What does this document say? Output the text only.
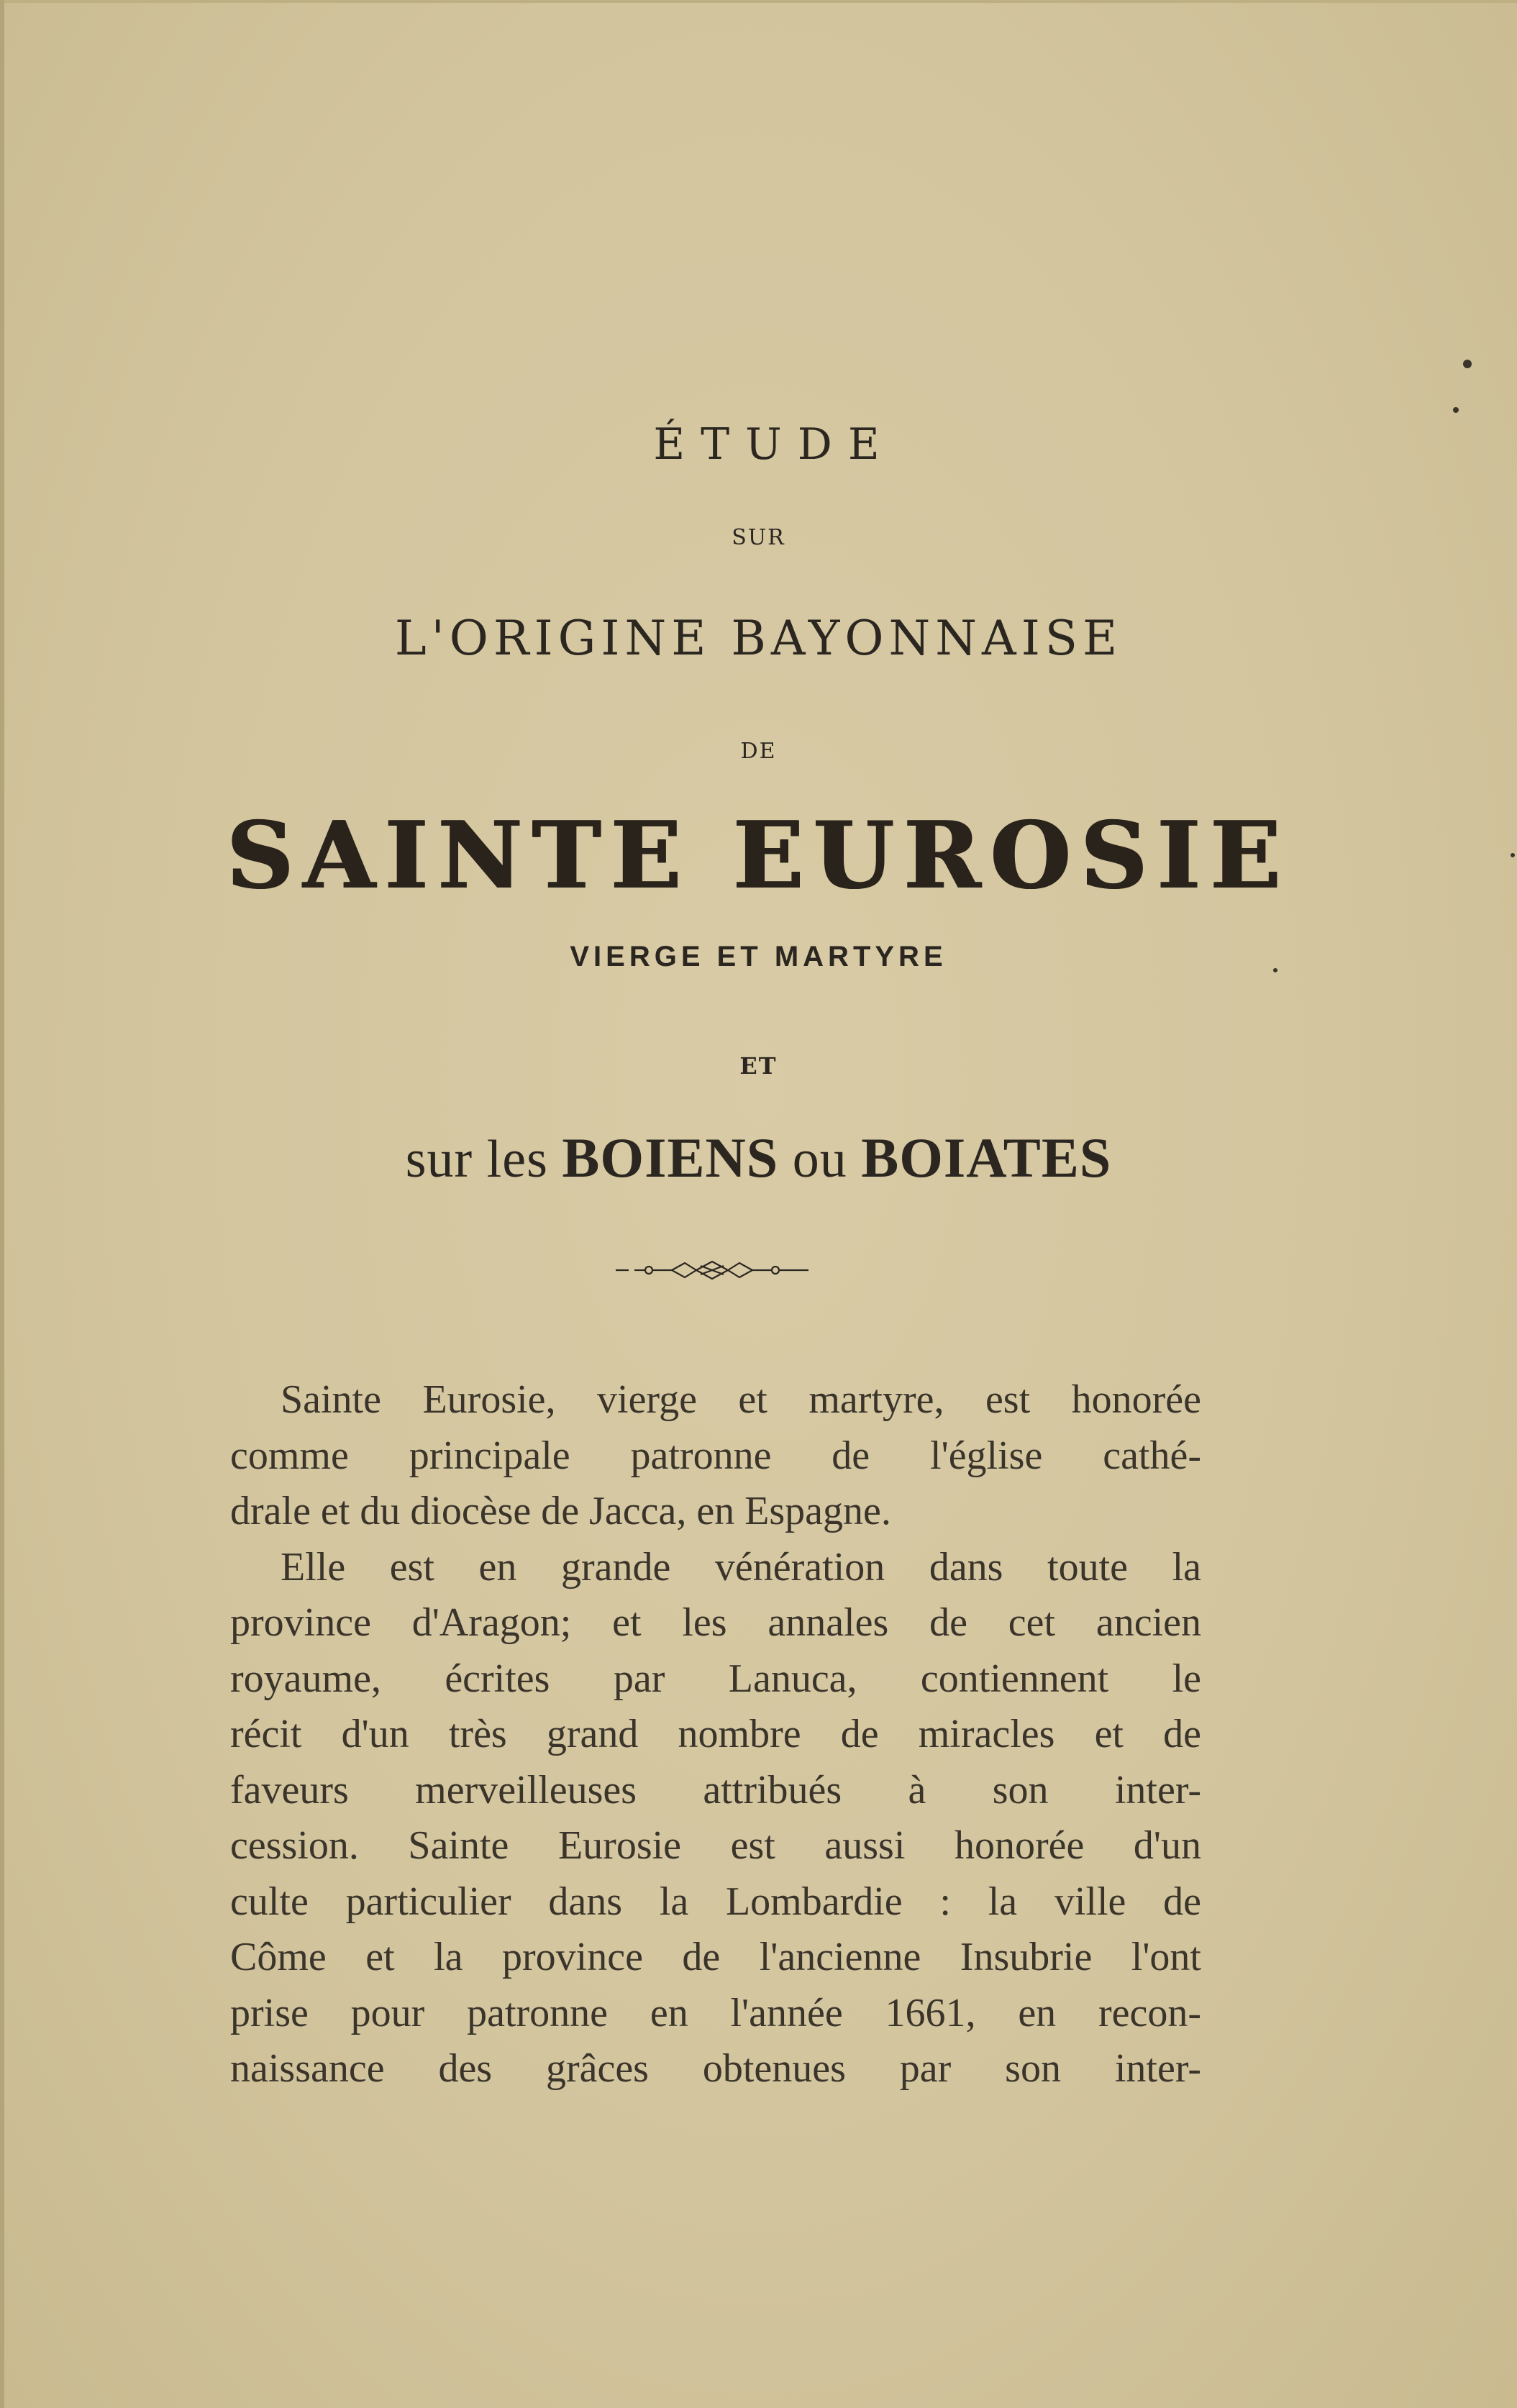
ÉTUDE
SUR
L'ORIGINE BAYONNAISE
DE
SAINTE EUROSIE
VIERGE ET MARTYRE
ET
sur les BOIENS ou BOIATES
Sainte Eurosie, vierge et martyre, est honorée
comme principale patronne de l'église cathé-
drale et du diocèse de Jacca, en Espagne.
Elle est en grande vénération dans toute la
province d'Aragon; et les annales de cet ancien
royaume, écrites par Lanuca, contiennent le
récit d'un très grand nombre de miracles et de
faveurs merveilleuses attribués à son inter-
cession. Sainte Eurosie est aussi honorée d'un
culte particulier dans la Lombardie : la ville de
Côme et la province de l'ancienne Insubrie l'ont
prise pour patronne en l'année 1661, en recon-
naissance des grâces obtenues par son inter-
